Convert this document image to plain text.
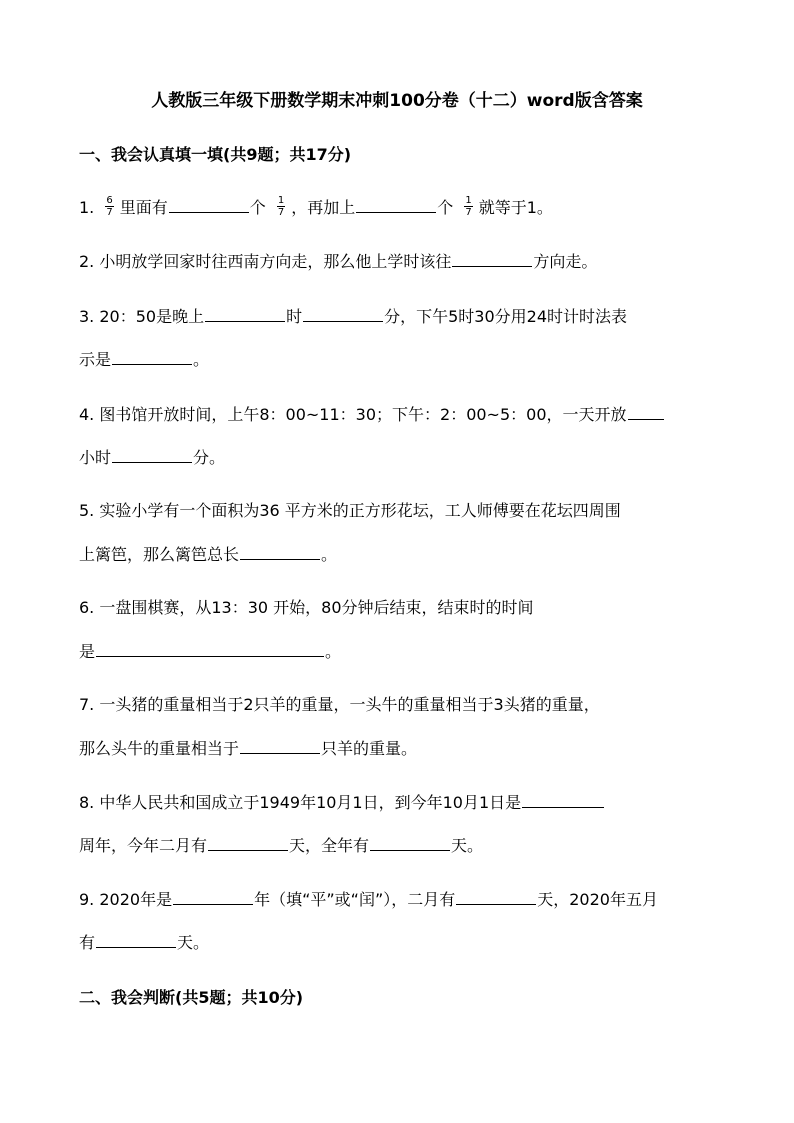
人教版三年级下册数学期末冲刺100分卷（十二）word版含答案
一、我会认真填一填(共9题；共17分)
1. $\frac{6}{7}$ 里面有	个 $\frac{1}{7}$ ，再加上	个 $\frac{1}{7}$ 就等于1。
2. 小明放学回家时往西南方向走，那么他上学时该往	方向走。
3. 20：50是晚上	时	分，下午5时30分用24时计时法表
示是	。
4. 图书馆开放时间，上午8：00~11：30；下午：2：00~5：00，一天开放
小时	分。
5. 实验小学有一个面积为36 平方米的正方形花坛，工人师傅要在花坛四周围
上篱笆，那么篱笆总长	。
6. 一盘围棋赛，从13：30 开始，80分钟后结束，结束时的时间
是	。
7. 一头猪的重量相当于2只羊的重量，一头牛的重量相当于3头猪的重量，
那么头牛的重量相当于	只羊的重量。
8. 中华人民共和国成立于1949年10月1日，到今年10月1日是
周年，今年二月有	天，全年有	天。
9. 2020年是	年（填“平”或“闰”），二月有	天，2020年五月
有	天。
二、我会判断(共5题；共10分)
